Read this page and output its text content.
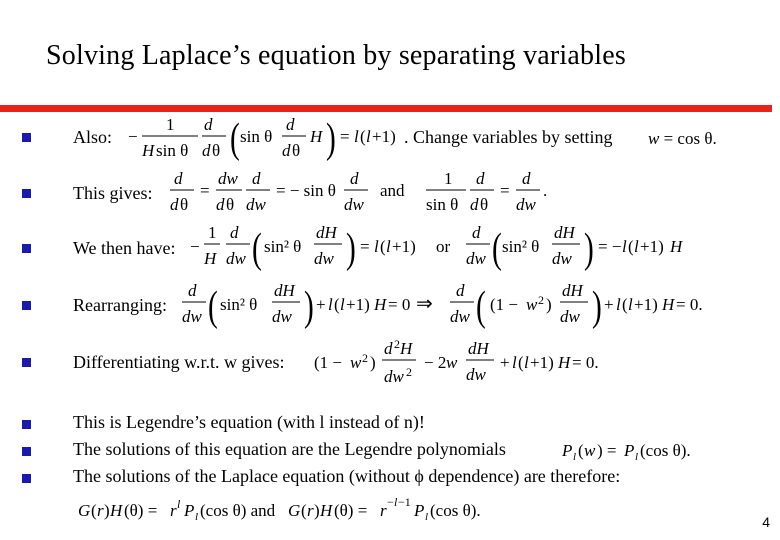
Solving Laplace’s equation by separating variables
Also: −
1
H sin θ
d
d θ ( sin θ
d
d θ
H ) = l ( l +1) . Change variables by setting w = cos θ.
This gives:
d
d θ
=
dw
d θ
d
dw
= − sin θ
d
dw
and
1
sin θ
d
d θ
=
d
dw
.
We then have: −
1
H
d
dw ( sin² θ
dH
dw ) = l ( l +1) or
d
dw ( sin² θ
dH
dw ) = − l ( l +1) H
Rearranging:
d
dw ( sin² θ
dH
dw ) + l ( l +1) H = 0 ⇒
d
dw ( (1 − w 2 )
dH
dw ) + l ( l +1) H = 0.
Differentiating w.r.t. w gives: (1 − w 2 )
d 2 H
dw 2 − 2 w
dH
dw
+ l ( l +1) H = 0.
This is Legendre’s equation (with l instead of n)!
The solutions of this equation are the Legendre polynomials	P l ( w ) = P l (cos θ).
The solutions of the Laplace equation (without ϕ dependence) are therefore:
G ( r ) H (θ) = r l P l (cos θ) and G ( r ) H (θ) = r − l −1 P l (cos θ).
4
